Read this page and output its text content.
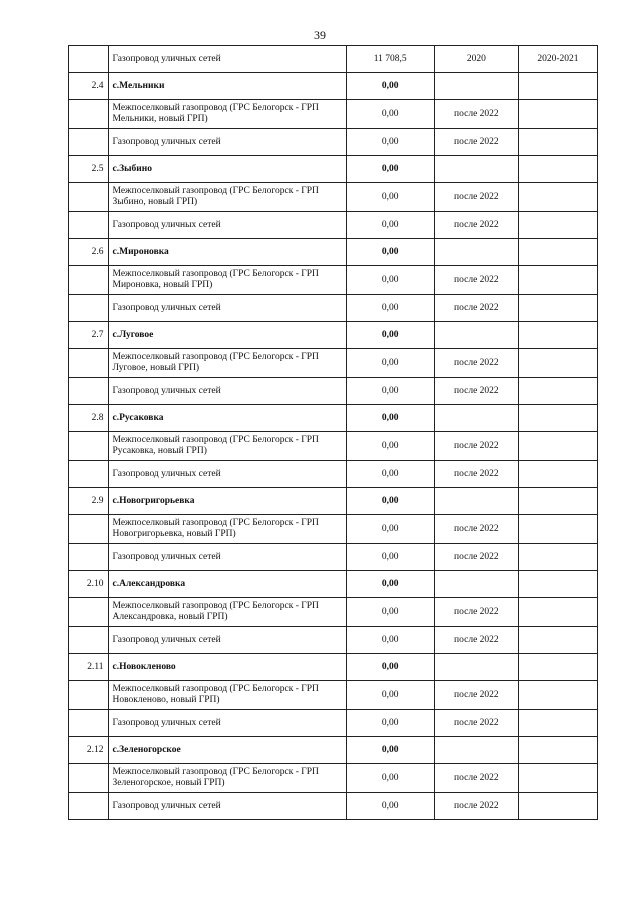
39
	Газопровод уличных сетей	11 708,5	2020	2020-2021
2.4	с.Мельники	0,00		
	Межпоселковый газопровод (ГРС Белогорск - ГРП Мельники, новый ГРП)	0,00	после 2022	
	Газопровод уличных сетей	0,00	после 2022	
2.5	с.Зыбино	0,00		
	Межпоселковый газопровод (ГРС Белогорск - ГРП Зыбино, новый ГРП)	0,00	после 2022	
	Газопровод уличных сетей	0,00	после 2022	
2.6	с.Мироновка	0,00		
	Межпоселковый газопровод (ГРС Белогорск - ГРП Мироновка, новый ГРП)	0,00	после 2022	
	Газопровод уличных сетей	0,00	после 2022	
2.7	с.Луговое	0,00		
	Межпоселковый газопровод (ГРС Белогорск - ГРП Луговое, новый ГРП)	0,00	после 2022	
	Газопровод уличных сетей	0,00	после 2022	
2.8	с.Русаковка	0,00		
	Межпоселковый газопровод (ГРС Белогорск - ГРП Русаковка, новый ГРП)	0,00	после 2022	
	Газопровод уличных сетей	0,00	после 2022	
2.9	с.Новогригорьевка	0,00		
	Межпоселковый газопровод (ГРС Белогорск - ГРП Новогригорьевка, новый ГРП)	0,00	после 2022	
	Газопровод уличных сетей	0,00	после 2022	
2.10	с.Александровка	0,00		
	Межпоселковый газопровод (ГРС Белогорск - ГРП Александровка, новый ГРП)	0,00	после 2022	
	Газопровод уличных сетей	0,00	после 2022	
2.11	с.Новокленово	0,00		
	Межпоселковый газопровод (ГРС Белогорск - ГРП Новокленово, новый ГРП)	0,00	после 2022	
	Газопровод уличных сетей	0,00	после 2022	
2.12	с.Зеленогорское	0,00		
	Межпоселковый газопровод (ГРС Белогорск - ГРП Зеленогорское, новый ГРП)	0,00	после 2022	
	Газопровод уличных сетей	0,00	после 2022	
